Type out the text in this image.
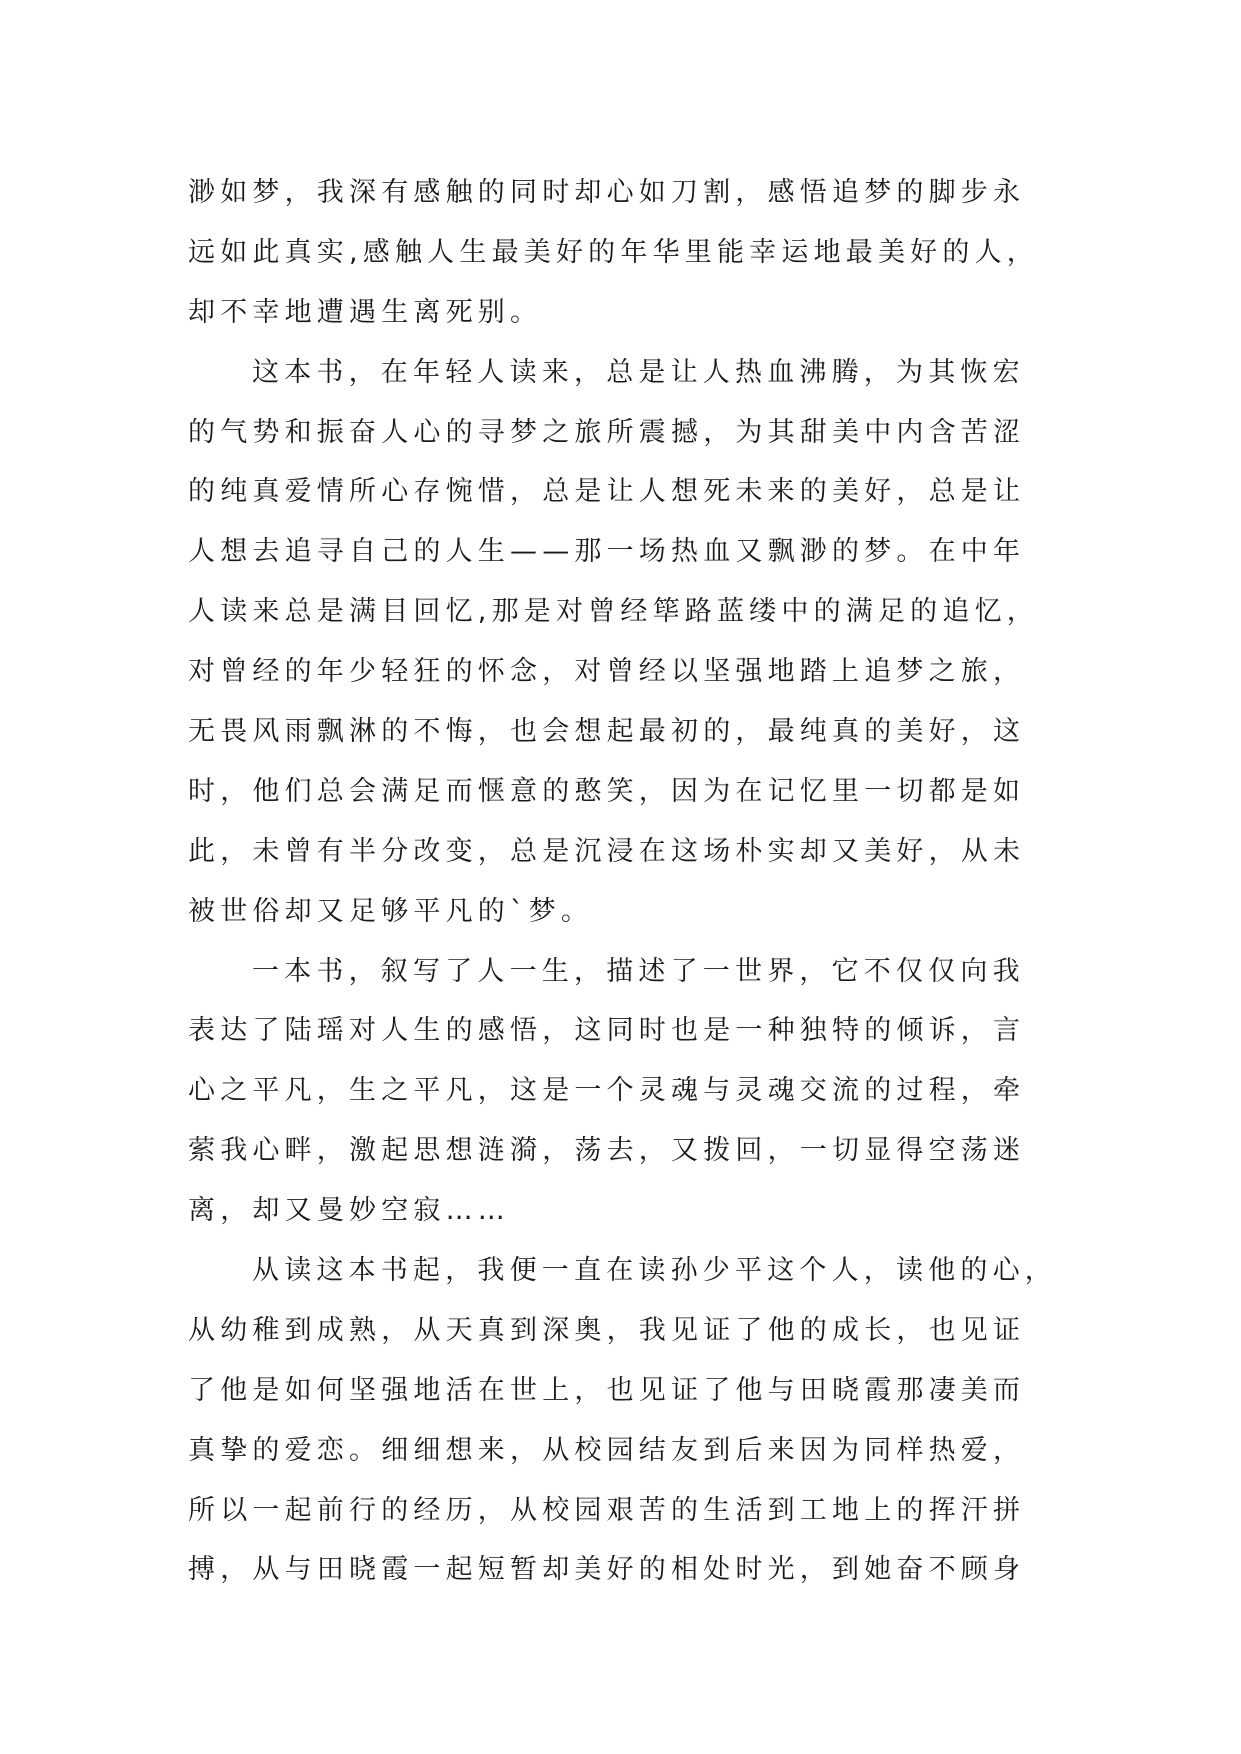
渺如梦，我深有感触的同时却心如刀割，感悟追梦的脚步永
远如此真实,感触人生最美好的年华里能幸运地最美好的人，
却不幸地遭遇生离死别。
这本书，在年轻人读来，总是让人热血沸腾，为其恢宏
的气势和振奋人心的寻梦之旅所震撼，为其甜美中内含苦涩
的纯真爱情所心存惋惜，总是让人想死未来的美好，总是让
人想去追寻自己的人生——那一场热血又飘渺的梦。在中年
人读来总是满目回忆,那是对曾经筚路蓝缕中的满足的追忆，
对曾经的年少轻狂的怀念，对曾经以坚强地踏上追梦之旅，
无畏风雨飘淋的不悔，也会想起最初的，最纯真的美好，这
时，他们总会满足而惬意的憨笑，因为在记忆里一切都是如
此，未曾有半分改变，总是沉浸在这场朴实却又美好，从未
被世俗却又足够平凡的`梦。
一本书，叙写了人一生，描述了一世界，它不仅仅向我
表达了陆瑶对人生的感悟，这同时也是一种独特的倾诉，言
心之平凡，生之平凡，这是一个灵魂与灵魂交流的过程，牵
萦我心畔，激起思想涟漪，荡去，又拨回，一切显得空荡迷
离，却又曼妙空寂……
从读这本书起，我便一直在读孙少平这个人，读他的心，
从幼稚到成熟，从天真到深奥，我见证了他的成长，也见证
了他是如何坚强地活在世上，也见证了他与田晓霞那凄美而
真挚的爱恋。细细想来，从校园结友到后来因为同样热爱，
所以一起前行的经历，从校园艰苦的生活到工地上的挥汗拼
搏，从与田晓霞一起短暂却美好的相处时光，到她奋不顾身
